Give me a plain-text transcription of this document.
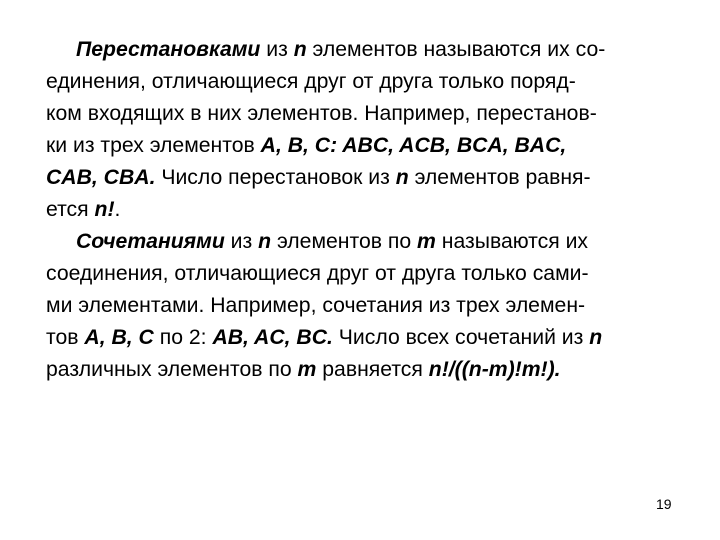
Перестановками из n элементов называются их со-
единения, отличающиеся друг от друга только поряд-
ком входящих в них элементов. Например, перестанов-
ки из трех элементов A, B, C: ABC, ACB, BCA, BAC,
CAB, CBA. Число перестановок из n элементов равня-
ется n!.

Сочетаниями из n элементов по m называются их
соединения, отличающиеся друг от друга только сами-
ми элементами. Например, сочетания из трех элемен-
тов A, B, C по 2: AB, AC, BC. Число всех сочетаний из n
различных элементов по m равняется n!/((n-m)!m!).

19
